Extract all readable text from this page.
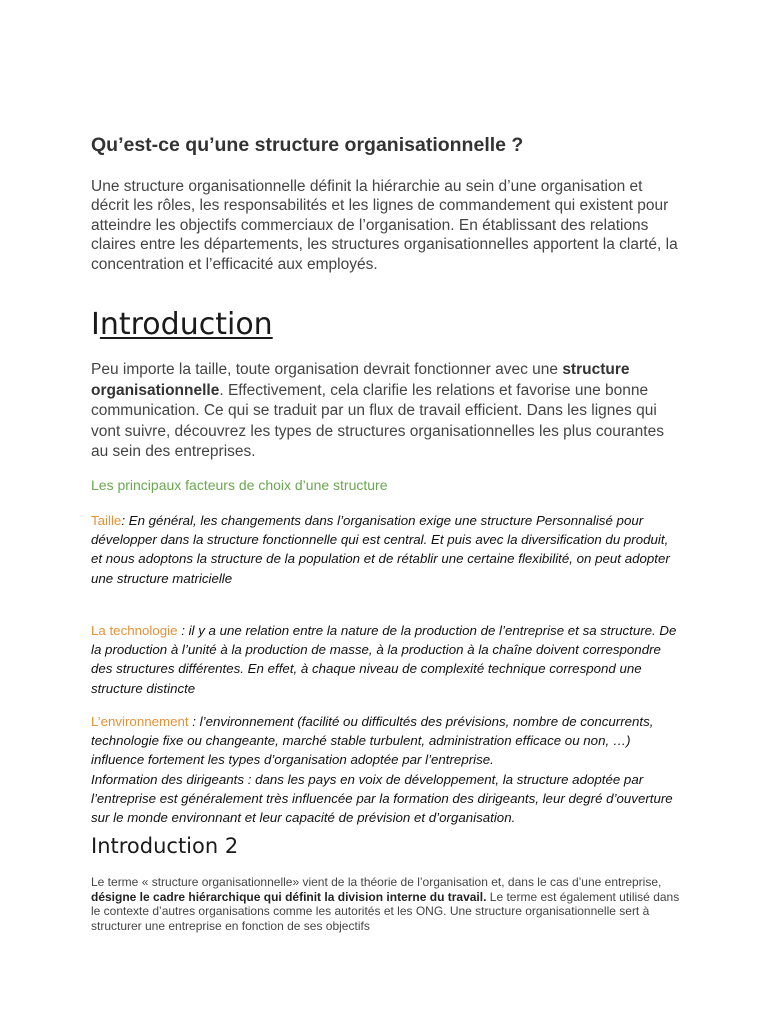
Qu’est-ce qu’une structure organisationnelle ?

Une structure organisationnelle définit la hiérarchie au sein d’une organisation et décrit les rôles, les responsabilités et les lignes de commandement qui existent pour atteindre les objectifs commerciaux de l’organisation. En établissant des relations claires entre les départements, les structures organisationnelles apportent la clarté, la concentration et l’efficacité aux employés.

Introduction

Peu importe la taille, toute organisation devrait fonctionner avec une structure organisationnelle. Effectivement, cela clarifie les relations et favorise une bonne communication. Ce qui se traduit par un flux de travail efficient. Dans les lignes qui vont suivre, découvrez les types de structures organisationnelles les plus courantes au sein des entreprises.

Les principaux facteurs de choix d’une structure

Taille: En général, les changements dans l’organisation exige une structure Personnalisé pour développer dans la structure fonctionnelle qui est central. Et puis avec la diversification du produit, et nous adoptons la structure de la population et de rétablir une certaine flexibilité, on peut adopter une structure matricielle

La technologie : il y a une relation entre la nature de la production de l’entreprise et sa structure. De la production à l’unité à la production de masse, à la production à la chaîne doivent correspondre des structures différentes. En effet, à chaque niveau de complexité technique correspond une structure distincte

L’environnement : l’environnement (facilité ou difficultés des prévisions, nombre de concurrents, technologie fixe ou changeante, marché stable turbulent, administration efficace ou non, …) influence fortement les types d’organisation adoptée par l’entreprise.
Information des dirigeants : dans les pays en voix de développement, la structure adoptée par l’entreprise est généralement très influencée par la formation des dirigeants, leur degré d’ouverture sur le monde environnant et leur capacité de prévision et d’organisation.

Introduction 2

Le terme « structure organisationnelle» vient de la théorie de l’organisation et, dans le cas d’une entreprise, désigne le cadre hiérarchique qui définit la division interne du travail. Le terme est également utilisé dans le contexte d’autres organisations comme les autorités et les ONG. Une structure organisationnelle sert à structurer une entreprise en fonction de ses objectifs
